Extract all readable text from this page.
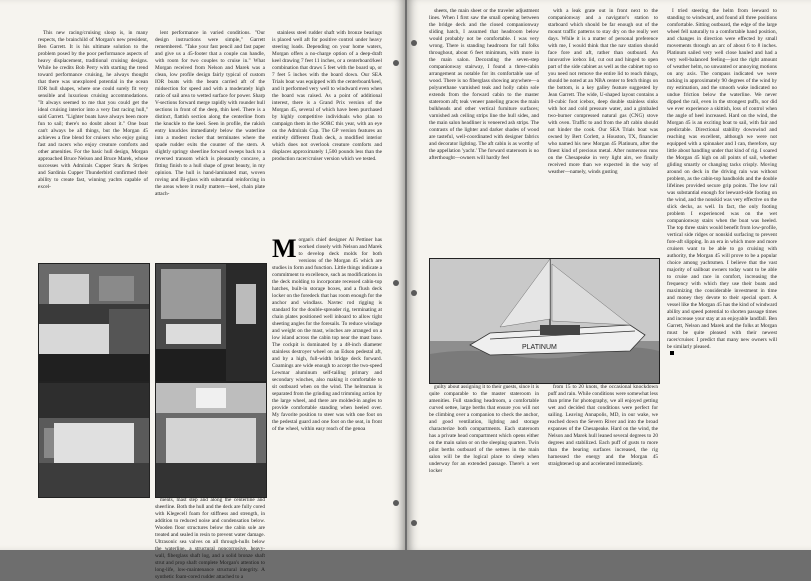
This new racing/cruising sloop is, in many respects, the brainchild of Morgan's new president, Ben Garrett. It is his ultimate solution to the problem posed by the poor performance aspects of heavy displacement, traditional cruising designs. While he credits Bob Perry with starting the trend toward performance cruising, he always thought that there was unexplored potential in the ocean IOR hull shapes, where one could surely fit very sensible and luxurious cruising accommodations. "It always seemed to me that you could get the ideal cruising interior into a very fast racing hull," said Garrett. "Lighter boats have always been more fun to sail; there's no doubt about it." One boat can't always be all things, but the Morgan 45 achieves a fine blend for cruisers who enjoy going fast and racers who enjoy creature comforts and other amenities. For the basic hull design, Morgan approached Bruce Nelson and Bruce Marek, whose successes with Admirals Cupper Stars & Stripes and Sardinia Cupper Thunderbird confirmed their ability to create fast, winning yachts capable of excel-

lent performance in varied conditions. "Our design instructions were simple," Garrett remembered. "Take your fast pencil and fast paper and give us a 45-footer that a couple can handle, with room for two couples to cruise in." What Morgan received from Nelson and Marek was a clean, low profile design fairly typical of custom IOR boats with the beam carried aft of the midsection for speed and with a moderately high ratio of sail area to wetted surface for power. Sharp V-sections forward merge rapidly with rounder hull sections in front of the deep, thin keel. There is a distinct, flattish section along the centerline from the knuckle to the keel. Seen in profile, the rakish entry knuckles immediately below the waterline into a modest rocker that terminates where the spade rudder exits the counter of the stern. A slightly springy sheerline forward sweeps back to a reversed transom which is pleasantly concave, a fitting finish to a hull shape of great beauty, in my opinion. The hull is hand-laminated mat, woven roving and Bi-glass with substantial reinforcing in the areas where it really matters—keel, chain plate attach-

stainless steel rudder shaft with bronze bearings is placed well aft for positive control under heavy steering loads. Depending on your home waters, Morgan offers a no-charge option of a deep-draft keel drawing 7 feet 11 inches, or a centerboard/keel combination that draws 5 feet with the board up, or 7 feet 5 inches with the board down. Our SEA Trials boat was equipped with the centerboard/keel, and it performed very well to windward even when the board was raised. As a point of additional interest, there is a Grand Prix version of the Morgan 45, several of which have been purchased by highly competitive individuals who plan to campaign them in the SORC this year, with an eye on the Admirals Cup. The GP version features an entirely different flush deck, a modified interior which does not overlook creature comforts and displaces approximately 1,500 pounds less than the production racer/cruiser version which we tested.

Morgan's chief designer Al Pettiner has worked closely with Nelson and Marek to develop deck molds for both versions of the Morgan 45 which are studies in form and function. Little things indicate a commitment to excellence, such as modifications in the deck molding to incorporate recessed cabin-top hatches, built-in storage boxes, and a flush deck locker on the foredeck that has room enough for the anchor and windlass. Navtec rod rigging is standard for the double-spreader rig, terminating at chain plates positioned well inboard to allow tight sheeting angles for the foresails. To reduce windage and weight on the mast, winches are arranged on a low island across the cabin top near the mast base. The cockpit is dominated by a 48-inch diameter stainless destroyer wheel on an Edson pedestal aft, and by a high, full-width bridge deck forward. Coamings are wide enough to accept the two-speed Lewmar aluminum self-tailing primary and secondary winches, also making it comfortable to sit outboard when on the wind. The helmsman is separated from the grinding and trimming action by the large wheel, and there are molded-in angles to provide comfortable standing when heeled over. My favorite position to steer was with one foot on the pedestal guard and one foot on the seat, in front of the wheel, within easy reach of the genoa

ments, mast step and along the centerline and sheerline. Both the hull and the deck are fully cored with Klegecell foam for stiffness and strength, in addition to reduced noise and condensation below. Wooden floor structures below the cabin sole are treated and sealed in resin to prevent water damage. Ultrasonic sea valves on all through-hulls below the waterline, a structural noncorrosive, heavy-wall, fiberglass shaft log, and a solid bronze shaft strut and prop shaft complete Morgan's attention to long-life, low-maintenance structural integrity. A synthetic foam-cored rudder attached to a

sheets, the main sheet or the traveler adjustment lines. When I first saw the small opening between the bridge deck and the closed companionway sliding hatch, I assumed that headroom below would probably not be comfortable. I was very wrong. There is standing headroom for tall folks throughout, about 6 feet minimum, with more in the main salon. Decorating the seven-step companionway stairway, I found a three-cabin arrangement as notable for its comfortable use of wood. There is no fiberglass showing anywhere—a polyurethane varnished teak and holly cabin sole extends from the forward cabin to the master stateroom aft; teak veneer paneling graces the main bulkheads and other vertical furniture surfaces; varnished ash ceiling strips line the hull sides, and the main salon headliner is veneered ash strips. The contrasts of the lighter and darker shades of wood are tasteful, well-coordinated with designer fabrics and decorator lighting. The aft cabin is as worthy of the appellation 'yacht.' The forward stateroom is no afterthought—owners will hardly feel

with a leak grate out in front next to the companionway and a navigator's station to starboard which should be far enough out of the mount traffic patterns to stay dry on the really wet days. While it is a matter of personal preference with me, I would think that the nav station should face fore and aft, rather than outboard. An innovative icebox lid, cut out and hinged to open part of the side cabinet as well as the cabinet top so you need not remove the entire lid to reach things, should be noted at an NBA center to fetch things on the bottom, is a key galley feature suggested by Jean Garrett. The wide, U-shaped layout contains a 10-cubic foot icebox, deep double stainless sinks with hot and cold pressure water, and a gimbaled two-burner compressed natural gas (CNG) stove with oven. Traffic to and from the aft cabin should not hinder the cook. Our SEA Trials boat was owned by Bert Corlett, a Houston, TX, financier who named his new Morgan 45 Platinum, after the finest kind of precious metal. After numerous runs on the Chesapeake in very light airs, we finally received more than we expected in the way of weather—namely, winds gusting

I tried steering the helm from leeward to standing to windward, and found all three positions comfortable. Sitting outboard, the edge of the large wheel fell naturally to a comfortable hand position, and changes in direction were effected by small movements through an arc of about 6 to 8 inches. Platinum sailed very well close hauled and had a very well-balanced feeling—just the right amount of weather helm, no unwanted or annoying motions on any axis. The compass indicated we were tacking in approximately 90 degrees of the wind by my estimation, and the smooth wake indicated no undue friction below the waterline. We never dipped the rail, even in the strongest puffs, nor did we ever experience a skittish, loss of control when the angle of heel increased. Hard on the wind, the Morgan 45 is an exciting boat to sail, with fair and predictable. Directional stability downwind and reaching was excellent, although we were not equipped with a spinnaker and I can, therefore, say little about handling under that kind of rig. I soared the Morgan 45 high on all points of sail, whether gliding smartly or changing tacks crisply. Moving around on deck in the driving rain was without problem, as the cabin-top handholds and the double lifelines provided secure grip points. The low rail was substantial enough for leeward-side footing on the wind, and the nonskid was very effective on the slick decks, as well. In fact, the only footing problem I experienced was on the wet companionway stairs when the boat was heeled. The top three stairs would benefit from low-profile, vertical side ridges or nonskid surfacing to prevent fore-aft slipping. In an era in which more and more cruisers want to be able to go cruising with authority, the Morgan 45 will prove to be a popular choice among yachtsmen. I believe that the vast majority of sailboat owners today want to be able to cruise and race in comfort, increasing the frequency with which they use their boats and maximizing the considerable investment in time and money they devote to their special sport. A vessel like the Morgan 45 has the kind of windward ability and speed potential to shorten passage times and increase your stay at an enjoyable landfall. Ben Garrett, Nelson and Marek and the folks at Morgan must be quite pleased with their newest racer/cruiser. I predict that many new owners will be similarly pleased.

PLATINUM

guilty about assigning it to their guests, since it is quite comparable to the master stateroom in amenities. Full standing headroom, a comfortable curved settee, large berths that ensure you will not be climbing over a companion to check the anchor, and good ventilation, lighting and storage characterize both compartments. Each stateroom has a private head compartment which opens either on the main salon or on the sleeping quarters. Twin pilot berths outboard of the settees in the main salon will be the logical place to sleep when underway for an extended passage. There's a wet locker

from 15 to 20 knots, the occasional knockdown puff and rain. While conditions were somewhat less than prime for photography, we all enjoyed getting wet and decided that conditions were perfect for sailing. Leaving Annapolis, MD, in our wake, we reached down the Severn River and into the broad expanses of the Chesapeake. Hard on the wind, the Nelson and Marek hull leaned several degrees to 20 degrees and stabilized. Each puff of gusts to more than the bearing surfaces increased, the rig harnessed the energy and the Morgan 45 straightened up and accelerated immediately.
